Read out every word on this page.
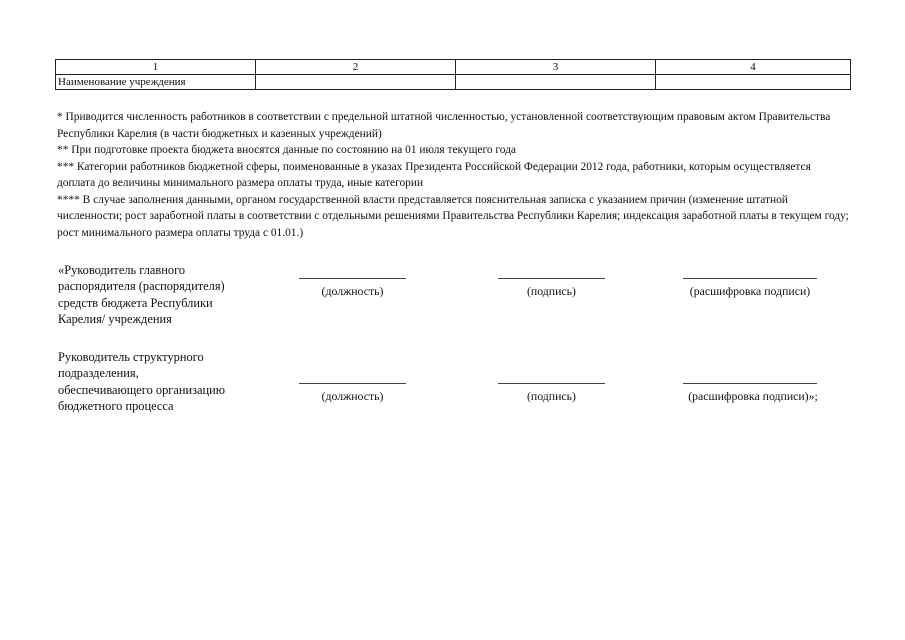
1	2	3	4
Наименование учреждения			

* Приводится численность работников в соответствии с предельной штатной численностью, установленной соответствующим правовым актом Правительства Республики Карелия (в части бюджетных и казенных учреждений)

** При подготовке проекта бюджета вносятся данные по состоянию на 01 июля текущего года

*** Категории работников бюджетной сферы, поименованные в указах Президента Российской Федерации 2012 года, работники, которым осуществляется доплата до величины минимального размера оплаты труда, иные категории

**** В случае заполнения данными, органом государственной власти представляется пояснительная записка с указанием причин (изменение штатной численности; рост заработной платы в соответствии с отдельными решениями Правительства Республики Карелия; индексация заработной платы в текущем году; рост минимального размера оплаты труда с 01.01.)

«Руководитель главного
распорядителя (распорядителя)
средств бюджета Республики
Карелия/ учреждения
(должность)	(подпись)	(расшифровка подписи)
Руководитель структурного
подразделения,
обеспечивающего организацию
бюджетного процесса
(должность)	(подпись)	(расшифровка подписи)»;
